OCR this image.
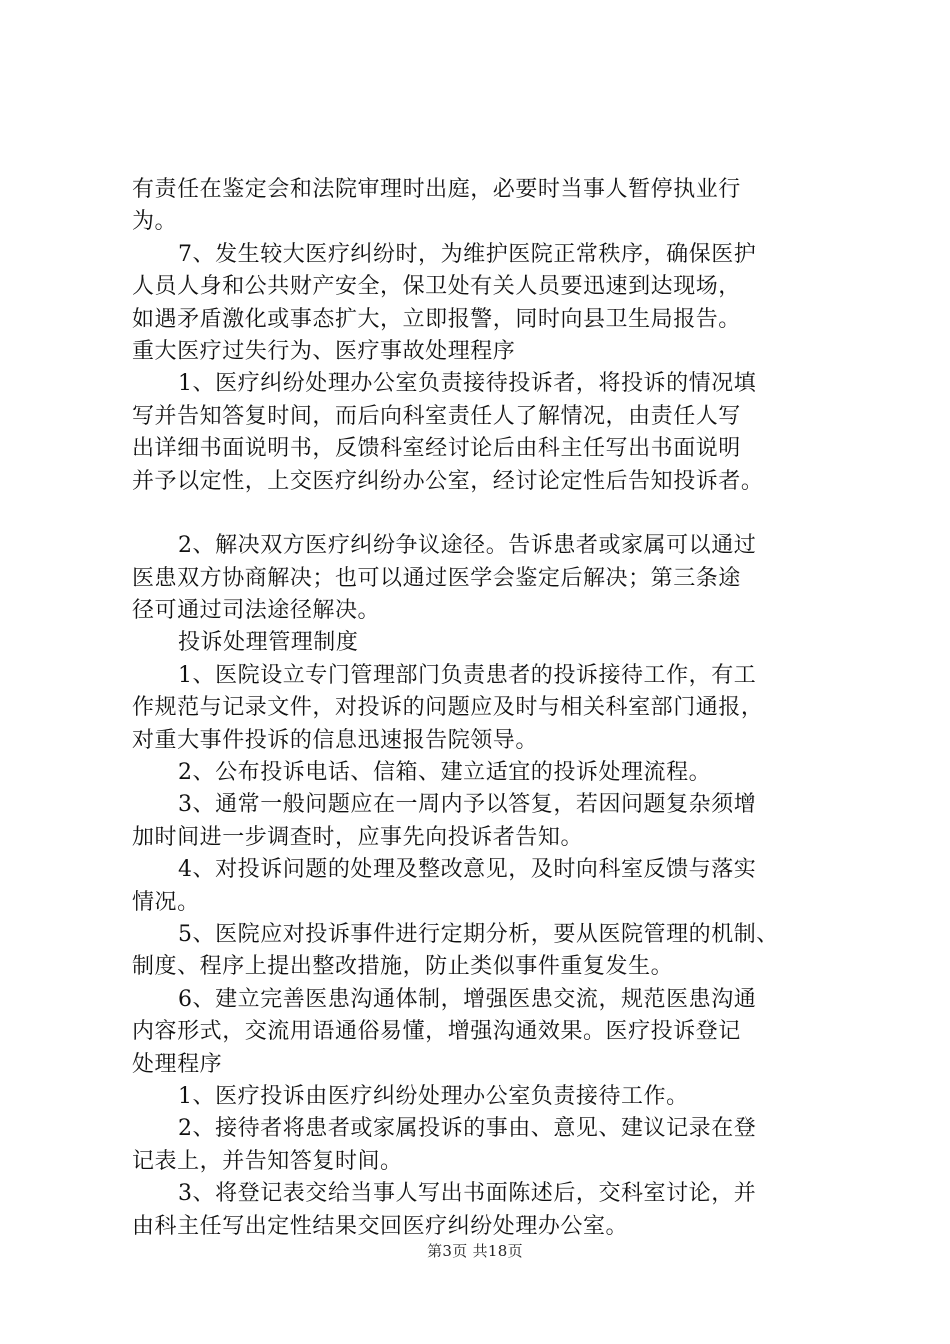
有责任在鉴定会和法院审理时出庭，必要时当事人暂停执业行
为。
7、发生较大医疗纠纷时，为维护医院正常秩序，确保医护
人员人身和公共财产安全，保卫处有关人员要迅速到达现场，
如遇矛盾激化或事态扩大，立即报警，同时向县卫生局报告。
重大医疗过失行为、医疗事故处理程序
1、医疗纠纷处理办公室负责接待投诉者，将投诉的情况填
写并告知答复时间，而后向科室责任人了解情况，由责任人写
出详细书面说明书，反馈科室经讨论后由科主任写出书面说明
并予以定性，上交医疗纠纷办公室，经讨论定性后告知投诉者。
2、解决双方医疗纠纷争议途径。告诉患者或家属可以通过
医患双方协商解决；也可以通过医学会鉴定后解决；第三条途
径可通过司法途径解决。
投诉处理管理制度
1、医院设立专门管理部门负责患者的投诉接待工作，有工
作规范与记录文件，对投诉的问题应及时与相关科室部门通报，
对重大事件投诉的信息迅速报告院领导。
2、公布投诉电话、信箱、建立适宜的投诉处理流程。
3、通常一般问题应在一周内予以答复，若因问题复杂须增
加时间进一步调查时，应事先向投诉者告知。
4、对投诉问题的处理及整改意见，及时向科室反馈与落实
情况。
5、医院应对投诉事件进行定期分析，要从医院管理的机制、
制度、程序上提出整改措施，防止类似事件重复发生。
6、建立完善医患沟通体制，增强医患交流，规范医患沟通
内容形式，交流用语通俗易懂，增强沟通效果。医疗投诉登记
处理程序
1、医疗投诉由医疗纠纷处理办公室负责接待工作。
2、接待者将患者或家属投诉的事由、意见、建议记录在登
记表上，并告知答复时间。
3、将登记表交给当事人写出书面陈述后，交科室讨论，并
由科主任写出定性结果交回医疗纠纷处理办公室。
第3页 共18页
